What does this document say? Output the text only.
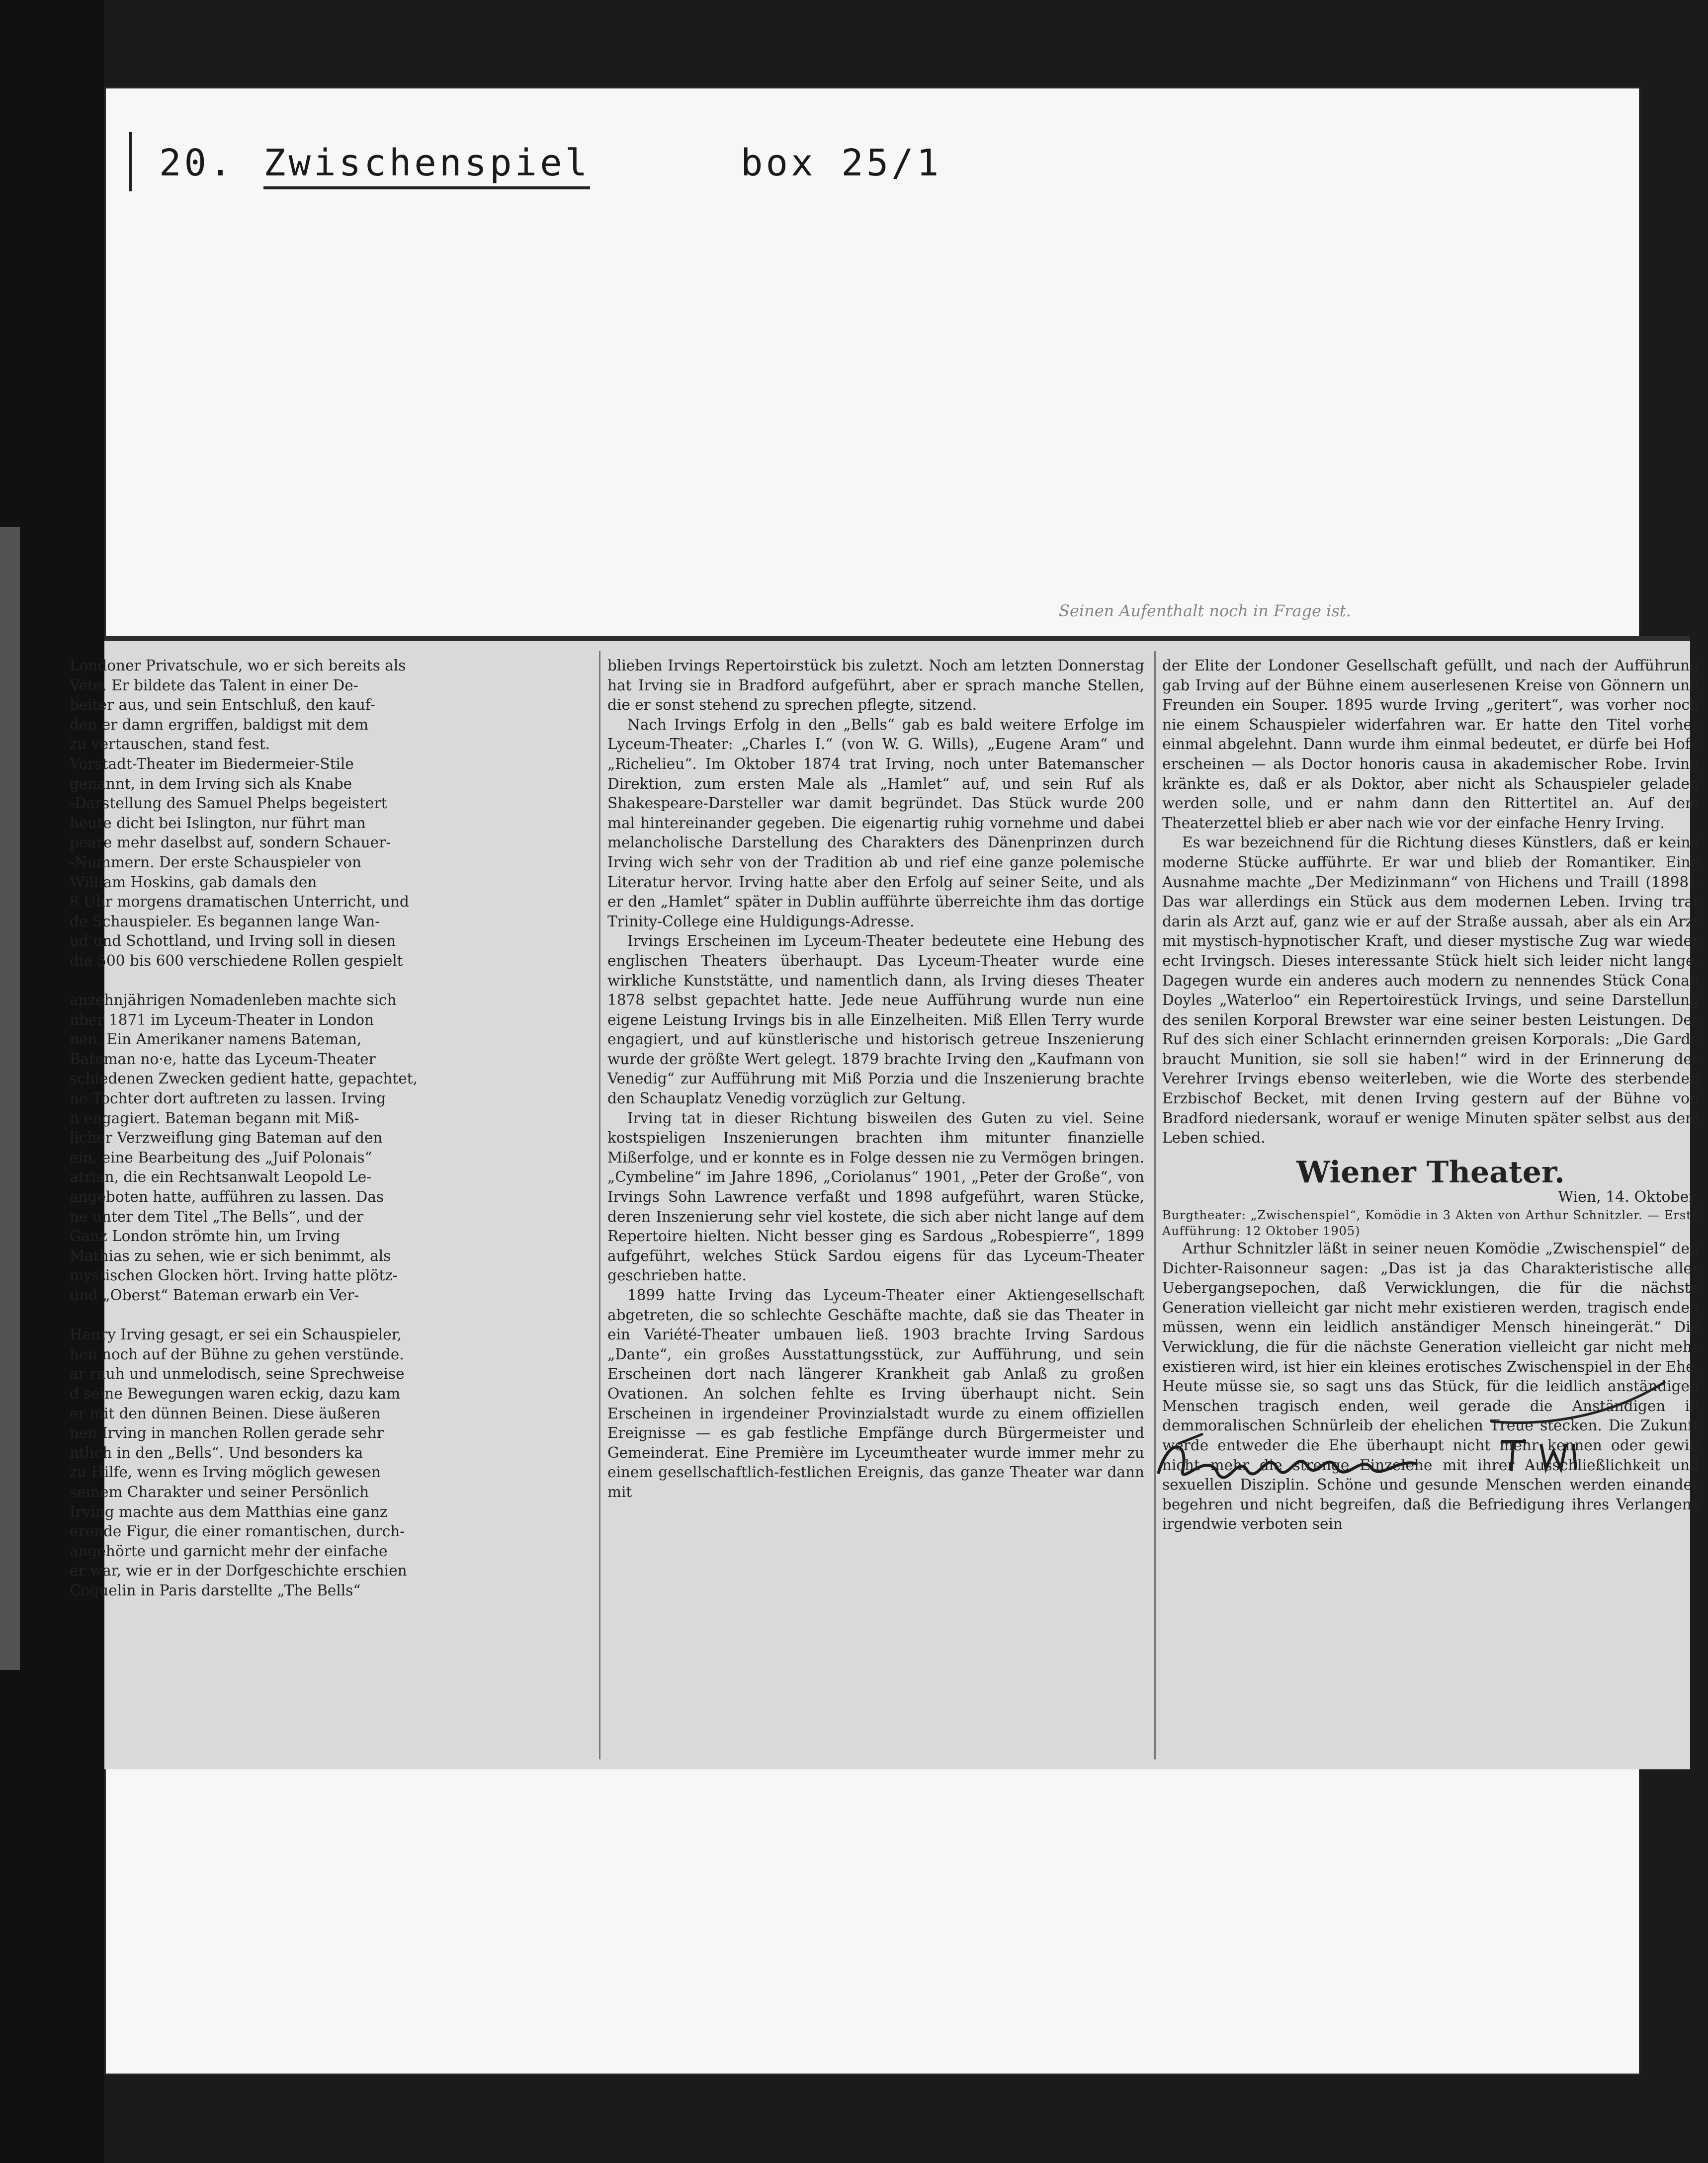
20. Zwischenspiel	box 25/1
Seinen Aufenthalt noch in Frage ist.

Londoner Privatschule, wo er sich bereits als

Vete. Er bildete das Talent in einer De-

beiter aus, und sein Entschluß, den kauf-

den er damn ergriffen, baldigst mit dem

zu vertauschen, stand fest.

Vorstadt-Theater im Biedermeier-Stile

genannt, in dem Irving sich als Knabe

-Darstellung des Samuel Phelps begeistert

heute dicht bei Islington, nur führt man

peare mehr daselbst auf, sondern Schauer-

-Nummern. Der erste Schauspieler von

William Hoskins, gab damals den

8 Uhr morgens dramatischen Unterricht, und

de Schauspieler. Es begannen lange Wan-

ud und Schottland, und Irving soll in diesen

die 500 bis 600 verschiedene Rollen gespielt

anzehnjährigen Nomadenleben machte sich

nber 1871 im Lyceum-Theater in London

nen. Ein Amerikaner namens Bateman,

Bateman no·e, hatte das Lyceum-Theater

schiedenen Zwecken gedient hatte, gepachtet,

ne Tochter dort auftreten zu lassen. Irving

n engagiert. Bateman begann mit Miß-

licher Verzweiflung ging Bateman auf den

ein, eine Bearbeitung des „Juif Polonais“

atrian, die ein Rechtsanwalt Leopold Le-

angeboten hatte, aufführen zu lassen. Das

ne unter dem Titel „The Bells“, und der

Ganz London strömte hin, um Irving

Mathias zu sehen, wie er sich benimmt, als

mystischen Glocken hört. Irving hatte plötz-

und „Oberst“ Bateman erwarb ein Ver-

Henry Irving gesagt, er sei ein Schauspieler,

hen noch auf der Bühne zu gehen verstünde.

ar rauh und unmelodisch, seine Sprechweise

d seine Bewegungen waren eckig, dazu kam

er mit den dünnen Beinen. Diese äußeren

nen Irving in manchen Rollen gerade sehr

ntlich in den „Bells“. Und besonders ka

zu Hilfe, wenn es Irving möglich gewesen

seinem Charakter und seiner Persönlich

Irving machte aus dem Matthias eine ganz

erende Figur, die einer romantischen, durch-

angehörte und garnicht mehr der einfache

er war, wie er in der Dorfgeschichte erschien

Coquelin in Paris darstellte „The Bells“

blieben Irvings Repertoirstück bis zuletzt. Noch am letzten Donnerstag hat Irving sie in Bradford aufgeführt, aber er sprach manche Stellen, die er sonst stehend zu sprechen pflegte, sitzend.

Nach Irvings Erfolg in den „Bells“ gab es bald weitere Erfolge im Lyceum-Theater: „Charles I.“ (von W. G. Wills), „Eugene Aram“ und „Richelieu“. Im Oktober 1874 trat Irving, noch unter Batemanscher Direktion, zum ersten Male als „Hamlet“ auf, und sein Ruf als Shakespeare-Darsteller war damit begründet. Das Stück wurde 200 mal hintereinander gegeben. Die eigenartig ruhig vornehme und dabei melancholische Darstellung des Charakters des Dänenprinzen durch Irving wich sehr von der Tradition ab und rief eine ganze polemische Literatur hervor. Irving hatte aber den Erfolg auf seiner Seite, und als er den „Hamlet“ später in Dublin aufführte überreichte ihm das dortige Trinity-College eine Huldigungs-Adresse.

Irvings Erscheinen im Lyceum-Theater bedeutete eine Hebung des englischen Theaters überhaupt. Das Lyceum-Theater wurde eine wirkliche Kunststätte, und namentlich dann, als Irving dieses Theater 1878 selbst gepachtet hatte. Jede neue Aufführung wurde nun eine eigene Leistung Irvings bis in alle Einzelheiten. Miß Ellen Terry wurde engagiert, und auf künstlerische und historisch getreue Inszenierung wurde der größte Wert gelegt. 1879 brachte Irving den „Kaufmann von Venedig“ zur Aufführung mit Miß Porzia und die Inszenierung brachte den Schauplatz Venedig vorzüglich zur Geltung.

Irving tat in dieser Richtung bisweilen des Guten zu viel. Seine kostspieligen Inszenierungen brachten ihm mitunter finanzielle Mißerfolge, und er konnte es in Folge dessen nie zu Vermögen bringen. „Cymbeline“ im Jahre 1896, „Coriolanus“ 1901, „Peter der Große“, von Irvings Sohn Lawrence verfaßt und 1898 aufgeführt, waren Stücke, deren Inszenierung sehr viel kostete, die sich aber nicht lange auf dem Repertoire hielten. Nicht besser ging es Sardous „Robespierre“, 1899 aufgeführt, welches Stück Sardou eigens für das Lyceum-Theater geschrieben hatte.

1899 hatte Irving das Lyceum-Theater einer Aktiengesellschaft abgetreten, die so schlechte Geschäfte machte, daß sie das Theater in ein Variété-Theater umbauen ließ. 1903 brachte Irving Sardous „Dante“, ein großes Ausstattungsstück, zur Aufführung, und sein Erscheinen dort nach längerer Krankheit gab Anlaß zu großen Ovationen. An solchen fehlte es Irving überhaupt nicht. Sein Erscheinen in irgendeiner Provinzialstadt wurde zu einem offiziellen Ereignisse — es gab festliche Empfänge durch Bürgermeister und Gemeinderat. Eine Première im Lyceumtheater wurde immer mehr zu einem gesellschaftlich-festlichen Ereignis, das ganze Theater war dann mit

der Elite der Londoner Gesellschaft gefüllt, und nach der Aufführung gab Irving auf der Bühne einem auserlesenen Kreise von Gönnern und Freunden ein Souper. 1895 wurde Irving „geritert“, was vorher noch nie einem Schauspieler widerfahren war. Er hatte den Titel vorher einmal abgelehnt. Dann wurde ihm einmal bedeutet, er dürfe bei Hofe erscheinen — als Doctor honoris causa in akademischer Robe. Irving kränkte es, daß er als Doktor, aber nicht als Schauspieler geladen werden solle, und er nahm dann den Rittertitel an. Auf dem Theaterzettel blieb er aber nach wie vor der einfache Henry Irving.

Es war bezeichnend für die Richtung dieses Künstlers, daß er keine moderne Stücke aufführte. Er war und blieb der Romantiker. Eine Ausnahme machte „Der Medizinmann“ von Hichens und Traill (1898). Das war allerdings ein Stück aus dem modernen Leben. Irving trat darin als Arzt auf, ganz wie er auf der Straße aussah, aber als ein Arzt mit mystisch-hypnotischer Kraft, und dieser mystische Zug war wieder echt Irvingsch. Dieses interessante Stück hielt sich leider nicht lange. Dagegen wurde ein anderes auch modern zu nennendes Stück Conan Doyles „Waterloo“ ein Repertoirestück Irvings, und seine Darstellung des senilen Korporal Brewster war eine seiner besten Leistungen. Der Ruf des sich einer Schlacht erinnernden greisen Korporals: „Die Garde braucht Munition, sie soll sie haben!“ wird in der Erinnerung der Verehrer Irvings ebenso weiterleben, wie die Worte des sterbenden Erzbischof Becket, mit denen Irving gestern auf der Bühne von Bradford niedersank, worauf er wenige Minuten später selbst aus dem Leben schied.

Wiener Theater.
Wien, 14. Oktober.

Burgtheater: „Zwischenspiel“, Komödie in 3 Akten von Arthur Schnitzler. — Erste Aufführung: 12 Oktober 1905)

Arthur Schnitzler läßt in seiner neuen Komödie „Zwischenspiel“ den Dichter-Raisonneur sagen: „Das ist ja das Charakteristische aller Uebergangsepochen, daß Verwicklungen, die für die nächste Generation vielleicht gar nicht mehr existieren werden, tragisch enden müssen, wenn ein leidlich anständiger Mensch hineingerät.“ Die Verwicklung, die für die nächste Generation vielleicht gar nicht mehr existieren wird, ist hier ein kleines erotisches Zwischenspiel in der Ehe. Heute müsse sie, so sagt uns das Stück, für die leidlich anständigen Menschen tragisch enden, weil gerade die Anständigen in demmoralischen Schnürleib der ehelichen Treue stecken. Die Zukunft werde entweder die Ehe überhaupt nicht mehr kennen oder gewiß nicht mehr die strenge Einzelehe mit ihrer Ausschließlichkeit und sexuellen Disziplin. Schöne und gesunde Menschen werden einander begehren und nicht begreifen, daß die Befriedigung ihres Verlangens irgendwie verboten sein
